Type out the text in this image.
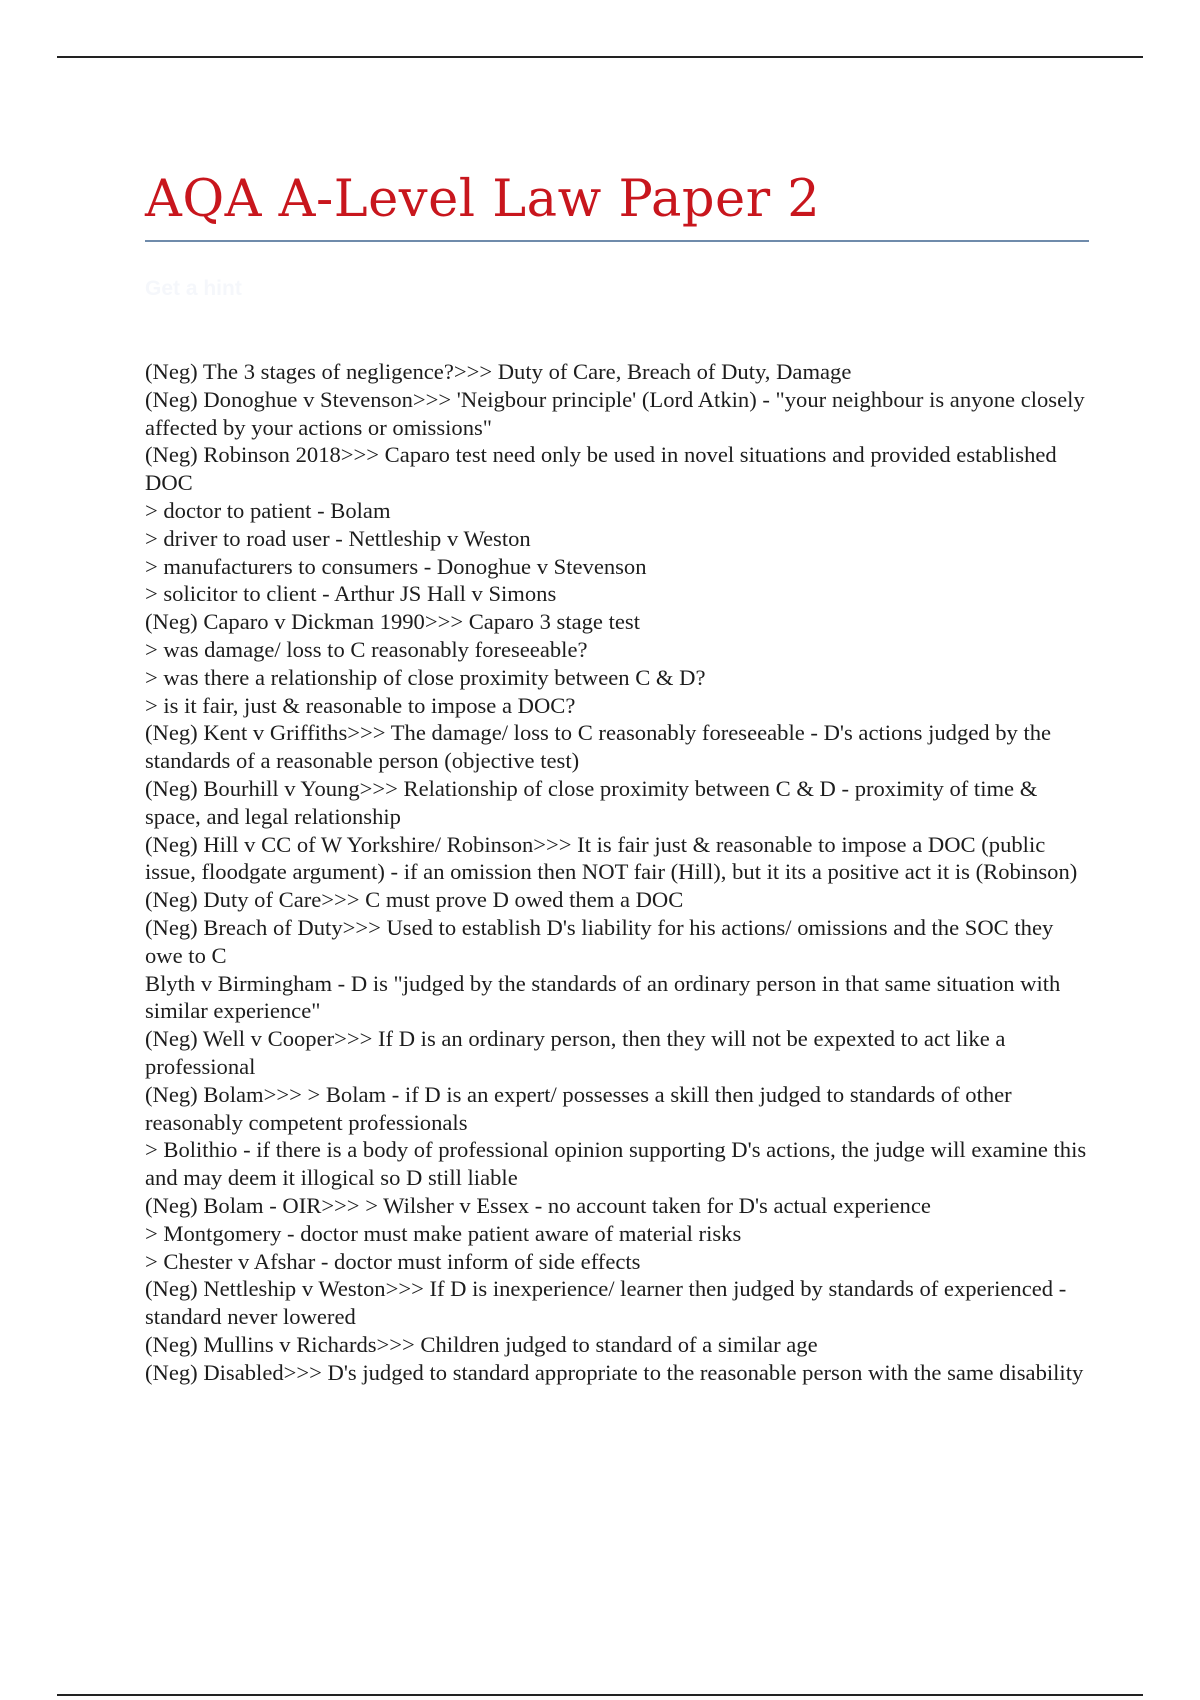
AQA A-Level Law Paper 2
Get a hint
(Neg) The 3 stages of negligence?>>> Duty of Care, Breach of Duty, Damage
(Neg) Donoghue v Stevenson>>> 'Neigbour principle' (Lord Atkin) - "your neighbour is anyone closely affected by your actions or omissions"
(Neg) Robinson 2018>>> Caparo test need only be used in novel situations and provided established DOC
> doctor to patient - Bolam
> driver to road user - Nettleship v Weston
> manufacturers to consumers - Donoghue v Stevenson
> solicitor to client - Arthur JS Hall v Simons
(Neg) Caparo v Dickman 1990>>> Caparo 3 stage test
> was damage/ loss to C reasonably foreseeable?
> was there a relationship of close proximity between C & D?
> is it fair, just & reasonable to impose a DOC?
(Neg) Kent v Griffiths>>> The damage/ loss to C reasonably foreseeable - D's actions judged by the standards of a reasonable person (objective test)
(Neg) Bourhill v Young>>> Relationship of close proximity between C & D - proximity of time & space, and legal relationship
(Neg) Hill v CC of W Yorkshire/ Robinson>>> It is fair just & reasonable to impose a DOC (public issue, floodgate argument) - if an omission then NOT fair (Hill), but it its a positive act it is (Robinson)
(Neg) Duty of Care>>> C must prove D owed them a DOC
(Neg) Breach of Duty>>> Used to establish D's liability for his actions/ omissions and the SOC they owe to C
Blyth v Birmingham - D is "judged by the standards of an ordinary person in that same situation with similar experience"
(Neg) Well v Cooper>>> If D is an ordinary person, then they will not be expexted to act like a professional
(Neg) Bolam>>> > Bolam - if D is an expert/ possesses a skill then judged to standards of other reasonably competent professionals
> Bolithio - if there is a body of professional opinion supporting D's actions, the judge will examine this and may deem it illogical so D still liable
(Neg) Bolam - OIR>>> > Wilsher v Essex - no account taken for D's actual experience
> Montgomery - doctor must make patient aware of material risks
> Chester v Afshar - doctor must inform of side effects
(Neg) Nettleship v Weston>>> If D is inexperience/ learner then judged by standards of experienced - standard never lowered
(Neg) Mullins v Richards>>> Children judged to standard of a similar age
(Neg) Disabled>>> D's judged to standard appropriate to the reasonable person with the same disability
